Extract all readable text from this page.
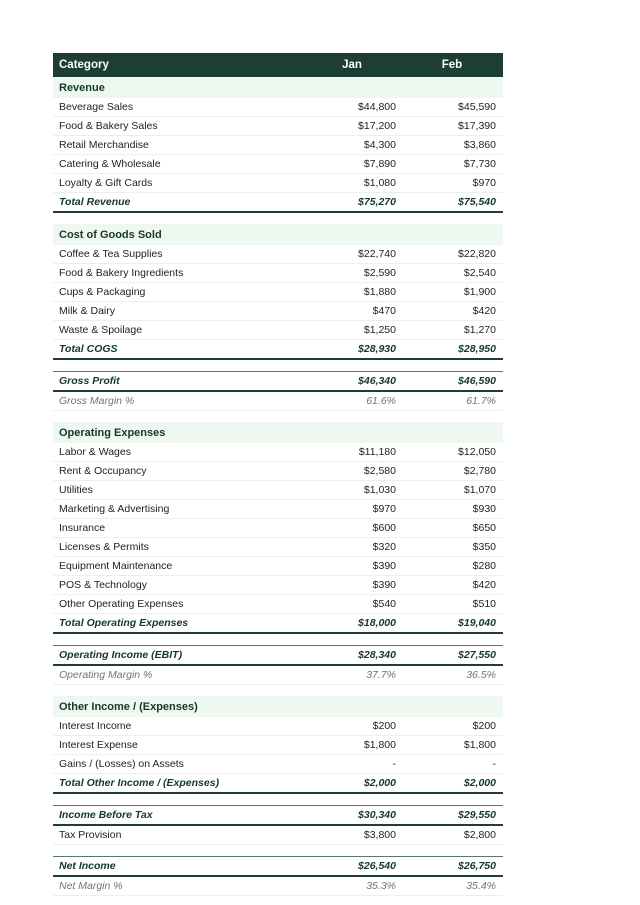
Category	Jan	Feb
Revenue		
Beverage Sales	$44,800	$45,590
Food & Bakery Sales	$17,200	$17,390
Retail Merchandise	$4,300	$3,860
Catering & Wholesale	$7,890	$7,730
Loyalty & Gift Cards	$1,080	$970
Total Revenue	$75,270	$75,540

Cost of Goods Sold		
Coffee & Tea Supplies	$22,740	$22,820
Food & Bakery Ingredients	$2,590	$2,540
Cups & Packaging	$1,880	$1,900
Milk & Dairy	$470	$420
Waste & Spoilage	$1,250	$1,270
Total COGS	$28,930	$28,950

Gross Profit	$46,340	$46,590
Gross Margin %	61.6%	61.7%

Operating Expenses		
Labor & Wages	$11,180	$12,050
Rent & Occupancy	$2,580	$2,780
Utilities	$1,030	$1,070
Marketing & Advertising	$970	$930
Insurance	$600	$650
Licenses & Permits	$320	$350
Equipment Maintenance	$390	$280
POS & Technology	$390	$420
Other Operating Expenses	$540	$510
Total Operating Expenses	$18,000	$19,040

Operating Income (EBIT)	$28,340	$27,550
Operating Margin %	37.7%	36.5%

Other Income / (Expenses)		
Interest Income	$200	$200
Interest Expense	$1,800	$1,800
Gains / (Losses) on Assets	-	-
Total Other Income / (Expenses)	$2,000	$2,000

Income Before Tax	$30,340	$29,550
Tax Provision	$3,800	$2,800

Net Income	$26,540	$26,750
Net Margin %	35.3%	35.4%
